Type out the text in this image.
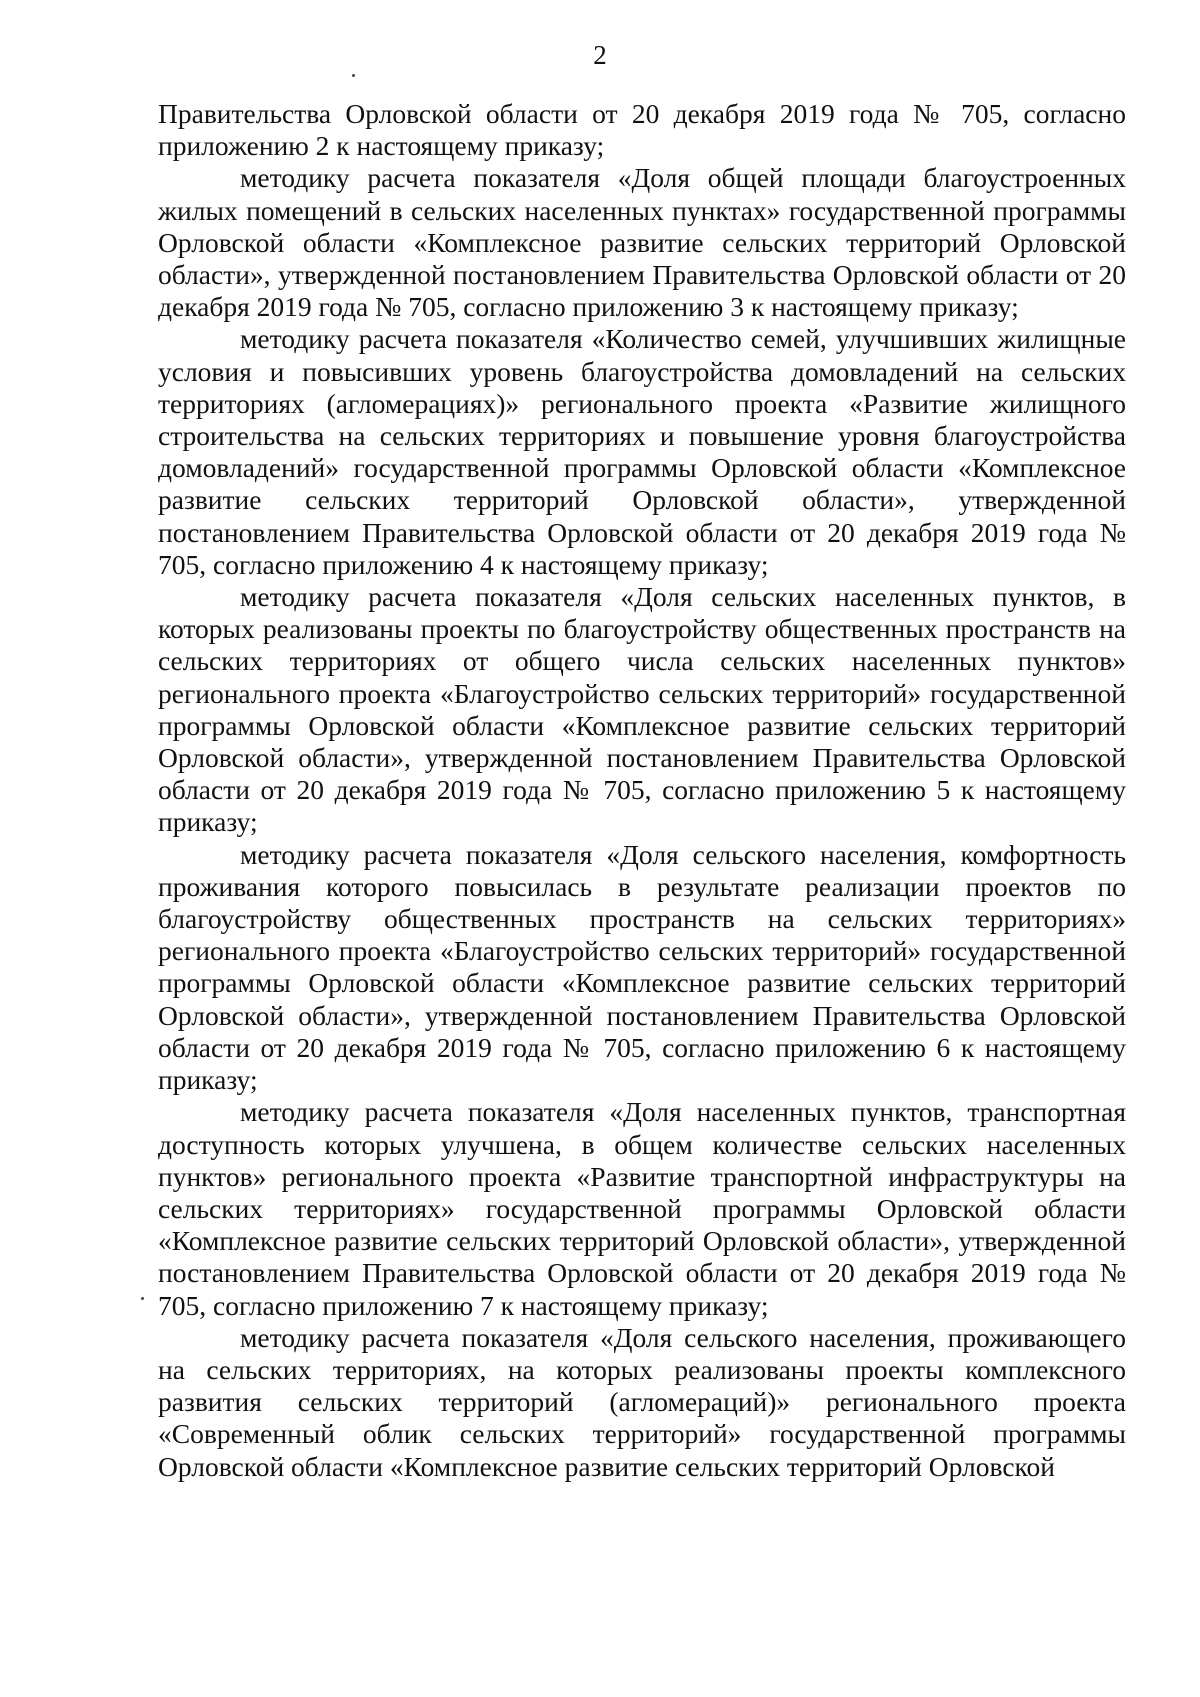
2

Правительства Орловской области от 20 декабря 2019 года № 705, согласно приложению 2 к настоящему приказу;

методику расчета показателя «Доля общей площади благоустроенных жилых помещений в сельских населенных пунктах» государственной программы Орловской области «Комплексное развитие сельских территорий Орловской области», утвержденной постановлением Правительства Орловской области от 20 декабря 2019 года № 705, согласно приложению 3 к настоящему приказу;

методику расчета показателя «Количество семей, улучшивших жилищные условия и повысивших уровень благоустройства домовладений на сельских территориях (агломерациях)» регионального проекта «Развитие жилищного строительства на сельских территориях и повышение уровня благоустройства домовладений» государственной программы Орловской области «Комплексное развитие сельских территорий Орловской области», утвержденной постановлением Правительства Орловской области от 20 декабря 2019 года № 705, согласно приложению 4 к настоящему приказу;

методику расчета показателя «Доля сельских населенных пунктов, в которых реализованы проекты по благоустройству общественных пространств на сельских территориях от общего числа сельских населенных пунктов» регионального проекта «Благоустройство сельских территорий» государственной программы Орловской области «Комплексное развитие сельских территорий Орловской области», утвержденной постановлением Правительства Орловской области от 20 декабря 2019 года № 705, согласно приложению 5 к настоящему приказу;

методику расчета показателя «Доля сельского населения, комфортность проживания которого повысилась в результате реализации проектов по благоустройству общественных пространств на сельских территориях» регионального проекта «Благоустройство сельских территорий» государственной программы Орловской области «Комплексное развитие сельских территорий Орловской области», утвержденной постановлением Правительства Орловской области от 20 декабря 2019 года № 705, согласно приложению 6 к настоящему приказу;

методику расчета показателя «Доля населенных пунктов, транспортная доступность которых улучшена, в общем количестве сельских населенных пунктов» регионального проекта «Развитие транспортной инфраструктуры на сельских территориях» государственной программы Орловской области «Комплексное развитие сельских территорий Орловской области», утвержденной постановлением Правительства Орловской области от 20 декабря 2019 года № 705, согласно приложению 7 к настоящему приказу;

методику расчета показателя «Доля сельского населения, проживающего на сельских территориях, на которых реализованы проекты комплексного развития сельских территорий (агломераций)» регионального проекта «Современный облик сельских территорий» государственной программы Орловской области «Комплексное развитие сельских территорий Орловской
